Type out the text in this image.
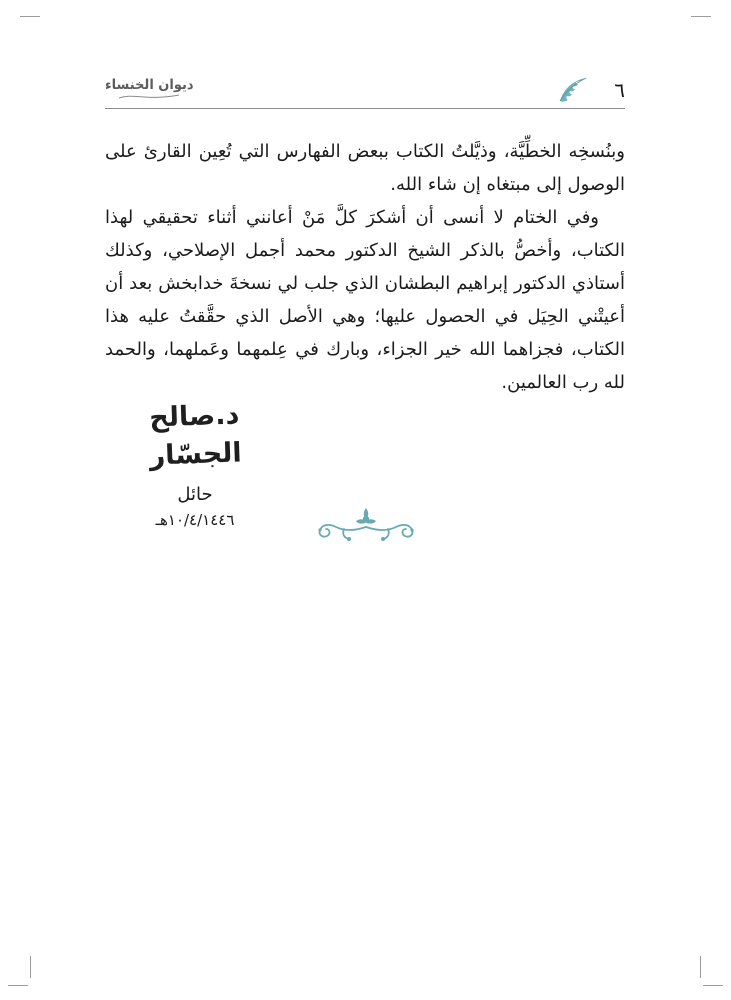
ديوان الخنساء	٦

وبنُسخِه الخطِّيَّة، وذيَّلتُ الكتاب ببعض الفهارس التي تُعِين القارئ على الوصول إلى مبتغاه إن شاء الله.

وفي الختام لا أنسى أن أشكرَ كلَّ مَنْ أعانني أثناء تحقيقي لهذا الكتاب، وأخصُّ بالذكر الشيخ الدكتور محمد أجمل الإصلاحي، وكذلك أستاذي الدكتور إبراهيم البطشان الذي جلب لي نسخةَ خدابخش بعد أن أعيتْني الحِيَل في الحصول عليها؛ وهي الأصل الذي حقَّقتُ عليه هذا الكتاب، فجزاهما الله خير الجزاء، وبارك في عِلمهما وعَملهما، والحمد لله رب العالمين.

د.صالح الجسّار
حائل
١٠/٤/١٤٤٦هـ
